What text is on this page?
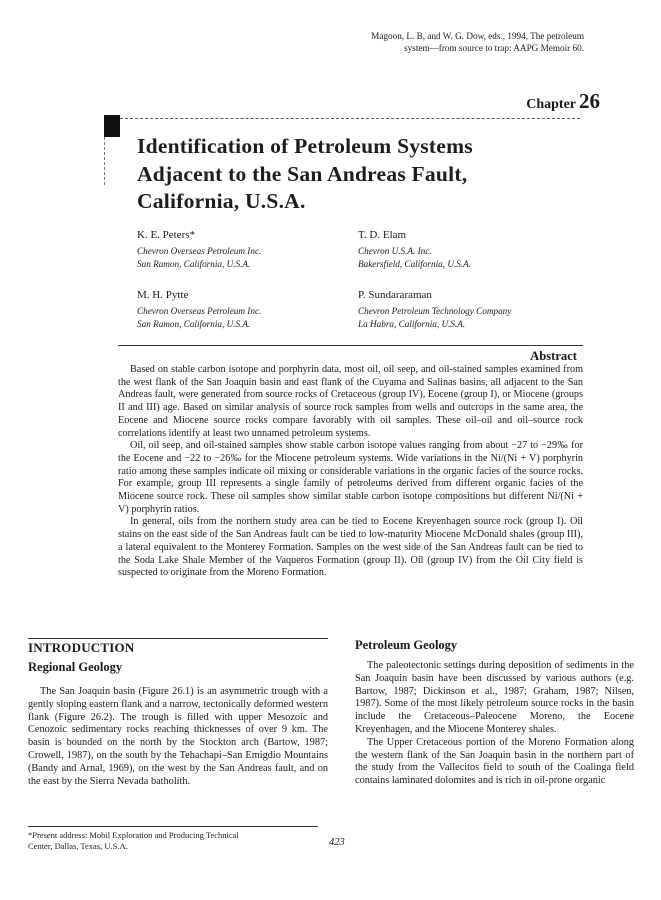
Magoon, L. B, and W. G. Dow, eds., 1994, The petroleum
system—from source to trap: AAPG Memoir 60.
Chapter 26
Identification of Petroleum Systems
Adjacent to the San Andreas Fault,
California, U.S.A.
K. E. Peters*
Chevron Overseas Petroleum Inc.
San Ramon, California, U.S.A.
T. D. Elam
Chevron U.S.A. Inc.
Bakersfield, California, U.S.A.
M. H. Pytte
Chevron Overseas Petroleum Inc.
San Ramon, California, U.S.A.
P. Sundararaman
Chevron Petroleum Technology Company
La Habra, California, U.S.A.
Abstract

Based on stable carbon isotope and porphyrin data, most oil, oil seep, and oil-stained samples examined from the west flank of the San Joaquin basin and east flank of the Cuyama and Salinas basins, all adjacent to the San Andreas fault, were generated from source rocks of Cretaceous (group IV), Eocene (group I), or Miocene (groups II and III) age. Based on similar analysis of source rock samples from wells and outcrops in the same area, the Eocene and Miocene source rocks compare favorably with oil samples. These oil–oil and oil–source rock correlations identify at least two unnamed petroleum systems.

Oil, oil seep, and oil-stained samples show stable carbon isotope values ranging from about −27 to −29‰ for the Eocene and −22 to −26‰ for the Miocene petroleum systems. Wide variations in the Ni/(Ni + V) porphyrin ratio among these samples indicate oil mixing or considerable variations in the organic facies of the source rocks. For example, group III represents a single family of petroleums derived from different organic facies of the Miocene source rock. These oil samples show similar stable carbon isotope compositions but different Ni/(Ni + V) porphyrin ratios.

In general, oils from the northern study area can be tied to Eocene Kreyenhagen source rock (group I). Oil stains on the east side of the San Andreas fault can be tied to low-maturity Miocene McDonald shales (group III), a lateral equivalent to the Monterey Formation. Samples on the west side of the San Andreas fault can be tied to the Soda Lake Shale Member of the Vaqueros Formation (group II). Oil (group IV) from the Oil City field is suspected to originate from the Moreno Formation.

INTRODUCTION
Regional Geology

The San Joaquin basin (Figure 26.1) is an asymmetric trough with a gently sloping eastern flank and a narrow, tectonically deformed western flank (Figure 26.2). The trough is filled with upper Mesozoic and Cenozoic sedimentary rocks reaching thicknesses of over 9 km. The basin is bounded on the north by the Stockton arch (Bartow, 1987; Crowell, 1987), on the south by the Tehachapi–San Emigdio Mountains (Bandy and Arnal, 1969), on the west by the San Andreas fault, and on the east by the Sierra Nevada batholith.

Petroleum Geology

The paleotectonic settings during deposition of sediments in the San Joaquin basin have been discussed by various authors (e.g. Bartow, 1987; Dickinson et al., 1987; Graham, 1987; Nilsen, 1987). Some of the most likely petroleum source rocks in the basin include the Cretaceous–Paleocene Moreno, the Eocene Kreyenhagen, and the Miocene Monterey shales.

The Upper Cretaceous portion of the Moreno Formation along the western flank of the San Joaquin basin in the northern part of the study from the Vallecitos field to south of the Coalinga field contains laminated dolomites and is rich in oil-prone organic

*Present address: Mobil Exploration and Producing Technical
Center, Dallas, Texas, U.S.A.	423
